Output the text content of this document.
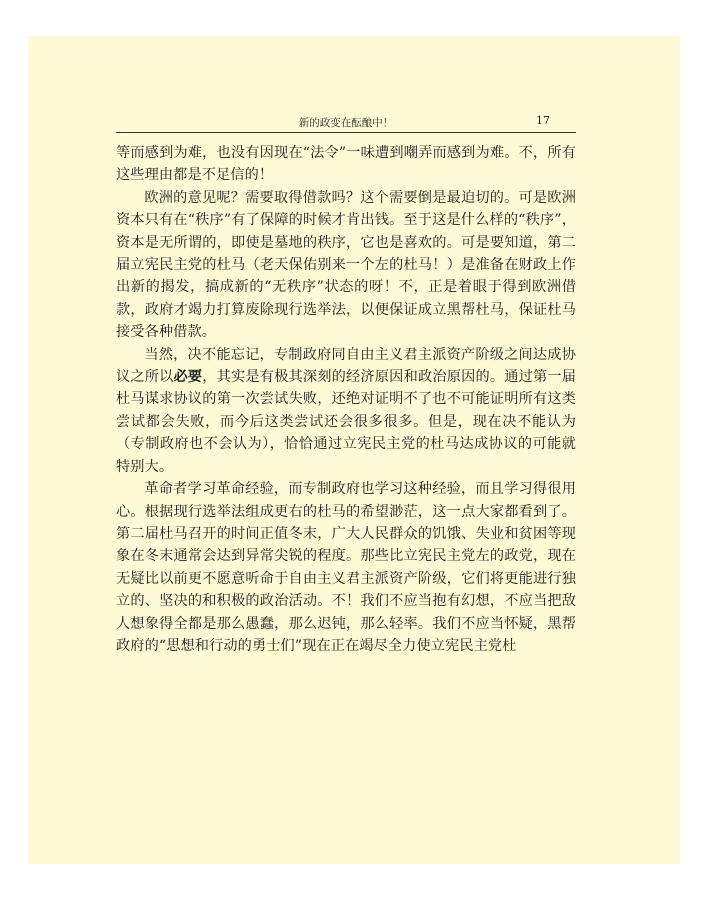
新的政变在酝酿中！	17

等而感到为难，也没有因现在“法令”一味遭到嘲弄而感到为难。不，所有这些理由都是不足信的！

欧洲的意见呢？需要取得借款吗？这个需要倒是最迫切的。可是欧洲资本只有在“秩序”有了保障的时候才肯出钱。至于这是什么样的“秩序”，资本是无所谓的，即使是墓地的秩序，它也是喜欢的。可是要知道，第二届立宪民主党的杜马（老天保佑别来一个左的杜马！）是准备在财政上作出新的揭发，搞成新的“无秩序”状态的呀！不，正是着眼于得到欧洲借款，政府才竭力打算废除现行选举法，以便保证成立黑帮杜马，保证杜马接受各种借款。

当然，决不能忘记，专制政府同自由主义君主派资产阶级之间达成协议之所以必要，其实是有极其深刻的经济原因和政治原因的。通过第一届杜马谋求协议的第一次尝试失败，还绝对证明不了也不可能证明所有这类尝试都会失败，而今后这类尝试还会很多很多。但是，现在决不能认为（专制政府也不会认为），恰恰通过立宪民主党的杜马达成协议的可能就特别大。

革命者学习革命经验，而专制政府也学习这种经验，而且学习得很用心。根据现行选举法组成更右的杜马的希望渺茫，这一点大家都看到了。第二届杜马召开的时间正值冬末，广大人民群众的饥饿、失业和贫困等现象在冬末通常会达到异常尖锐的程度。那些比立宪民主党左的政党，现在无疑比以前更不愿意听命于自由主义君主派资产阶级，它们将更能进行独立的、坚决的和积极的政治活动。不！我们不应当抱有幻想，不应当把敌人想象得全都是那么愚蠢，那么迟钝，那么轻率。我们不应当怀疑，黑帮政府的“思想和行动的勇士们”现在正在竭尽全力使立宪民主党杜
